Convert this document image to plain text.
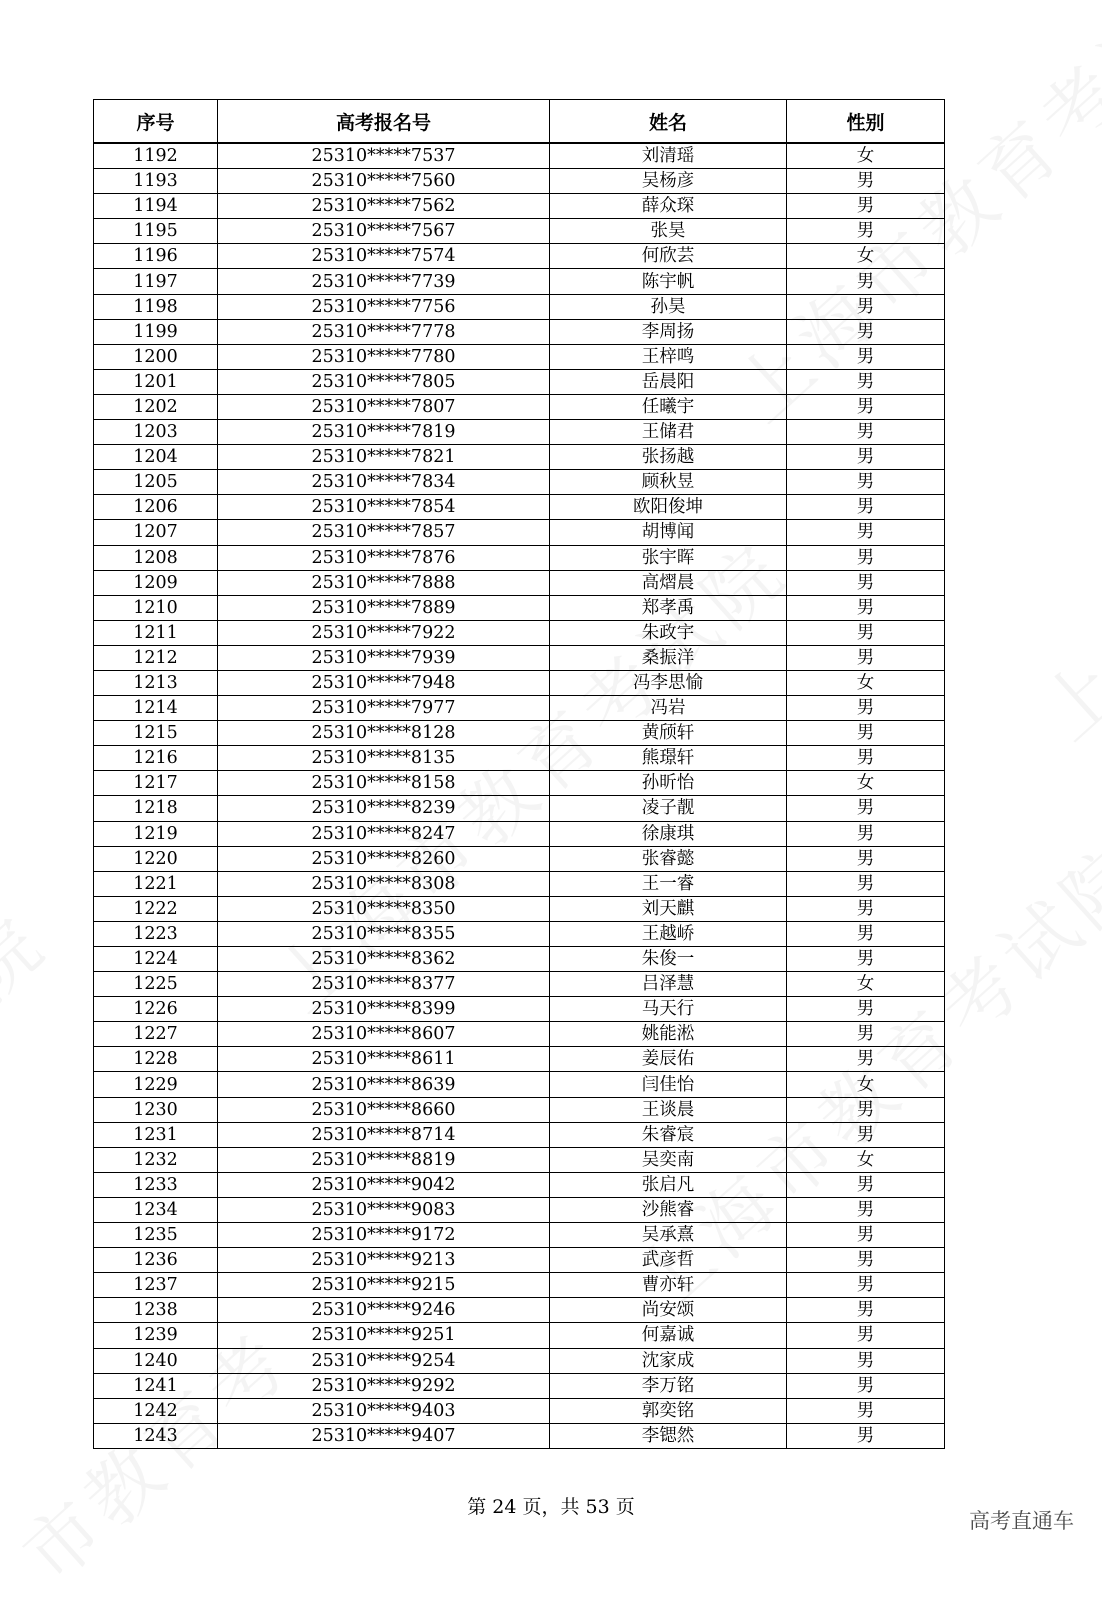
序号	高考报名号	姓名	性别
1192	25310*****7537	刘清瑶	女
1193	25310*****7560	吴杨彦	男
1194	25310*****7562	薛众琛	男
1195	25310*****7567	张昊	男
1196	25310*****7574	何欣芸	女
1197	25310*****7739	陈宇帆	男
1198	25310*****7756	孙昊	男
1199	25310*****7778	李周扬	男
1200	25310*****7780	王梓鸣	男
1201	25310*****7805	岳晨阳	男
1202	25310*****7807	任曦宇	男
1203	25310*****7819	王储君	男
1204	25310*****7821	张扬越	男
1205	25310*****7834	顾秋昱	男
1206	25310*****7854	欧阳俊坤	男
1207	25310*****7857	胡博闻	男
1208	25310*****7876	张宇晖	男
1209	25310*****7888	高熠晨	男
1210	25310*****7889	郑孝禹	男
1211	25310*****7922	朱政宇	男
1212	25310*****7939	桑振洋	男
1213	25310*****7948	冯李思愉	女
1214	25310*****7977	冯岩	男
1215	25310*****8128	黄颀轩	男
1216	25310*****8135	熊璟轩	男
1217	25310*****8158	孙昕怡	女
1218	25310*****8239	凌子靓	男
1219	25310*****8247	徐康琪	男
1220	25310*****8260	张睿懿	男
1221	25310*****8308	王一睿	男
1222	25310*****8350	刘天麒	男
1223	25310*****8355	王越峤	男
1224	25310*****8362	朱俊一	男
1225	25310*****8377	吕泽慧	女
1226	25310*****8399	马天行	男
1227	25310*****8607	姚能淞	男
1228	25310*****8611	姜辰佑	男
1229	25310*****8639	闫佳怡	女
1230	25310*****8660	王谈晨	男
1231	25310*****8714	朱睿宸	男
1232	25310*****8819	吴奕南	女
1233	25310*****9042	张启凡	男
1234	25310*****9083	沙熊睿	男
1235	25310*****9172	吴承熹	男
1236	25310*****9213	武彦哲	男
1237	25310*****9215	曹亦轩	男
1238	25310*****9246	尚安颂	男
1239	25310*****9251	何嘉诚	男
1240	25310*****9254	沈家成	男
1241	25310*****9292	李万铭	男
1242	25310*****9403	郭奕铭	男
1243	25310*****9407	李锶然	男
第 24 页，共 53 页
高考直通车
